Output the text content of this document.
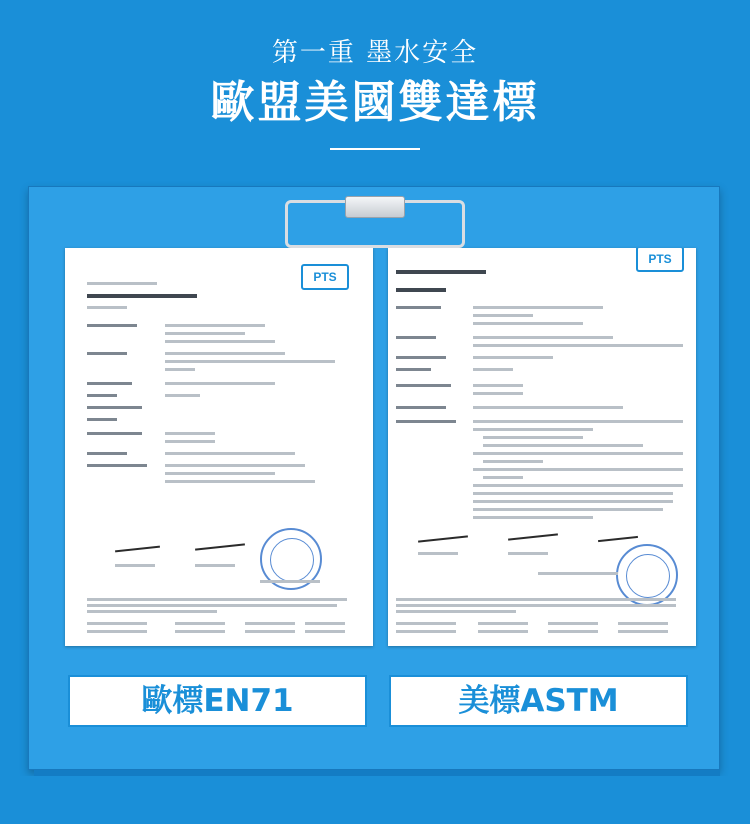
第一重 墨水安全
歐盟美國雙達標
PTS
PTS
歐標EN71	美標ASTM
